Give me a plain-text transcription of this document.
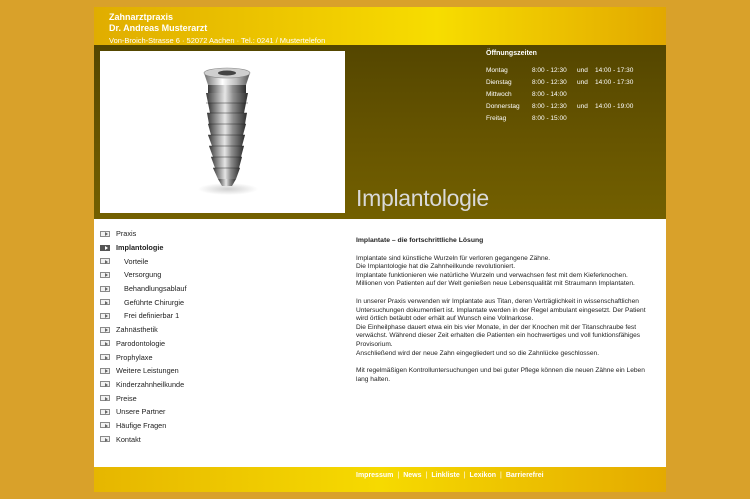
Zahnarztpraxis
Dr. Andreas Musterarzt
Von-Broich-Strasse 6 · 52072 Aachen · Tel.: 0241 / Mustertelefon
Öffnungszeiten
Montag	8:00 - 12:30	und	14:00 - 17:30
Dienstag	8:00 - 12:30	und	14:00 - 17:30
Mittwoch	8:00 - 14:00		
Donnerstag	8:00 - 12:30	und	14:00 - 19:00
Freitag	8:00 - 15:00		
Implantologie
Praxis
Implantologie
Vorteile
Versorgung
Behandlungsablauf
Geführte Chirurgie
Frei definierbar 1
Zahnästhetik
Parodontologie
Prophylaxe
Weitere Leistungen
Kinderzahnheilkunde
Preise
Unsere Partner
Häufige Fragen
Kontakt
Implantate – die fortschrittliche Lösung

Implantate sind künstliche Wurzeln für verloren gegangene Zähne.
Die Implantologie hat die Zahnheilkunde revolutioniert.
Implantate funktionieren wie natürliche Wurzeln und verwachsen fest mit dem Kieferknochen.
Millionen von Patienten auf der Welt genießen neue Lebensqualität mit Straumann Implantaten.

In unserer Praxis verwenden wir Implantate aus Titan, deren Verträglichkeit in wissenschaftlichen Untersuchungen dokumentiert ist. Implantate werden in der Regel ambulant eingesetzt. Der Patient wird örtlich betäubt oder erhält auf Wunsch eine Vollnarkose.
Die Einheilphase dauert etwa ein bis vier Monate, in der der Knochen mit der Titanschraube fest verwächst. Während dieser Zeit erhalten die Patienten ein hochwertiges und voll funktionsfähiges Provisorium.
Anschließend wird der neue Zahn eingegliedert und so die Zahnlücke geschlossen.

Mit regelmäßigen Kontrolluntersuchungen und bei guter Pflege können die neuen Zähne ein Leben lang halten.

Impressum | News | Linkliste | Lexikon | Barrierefrei
